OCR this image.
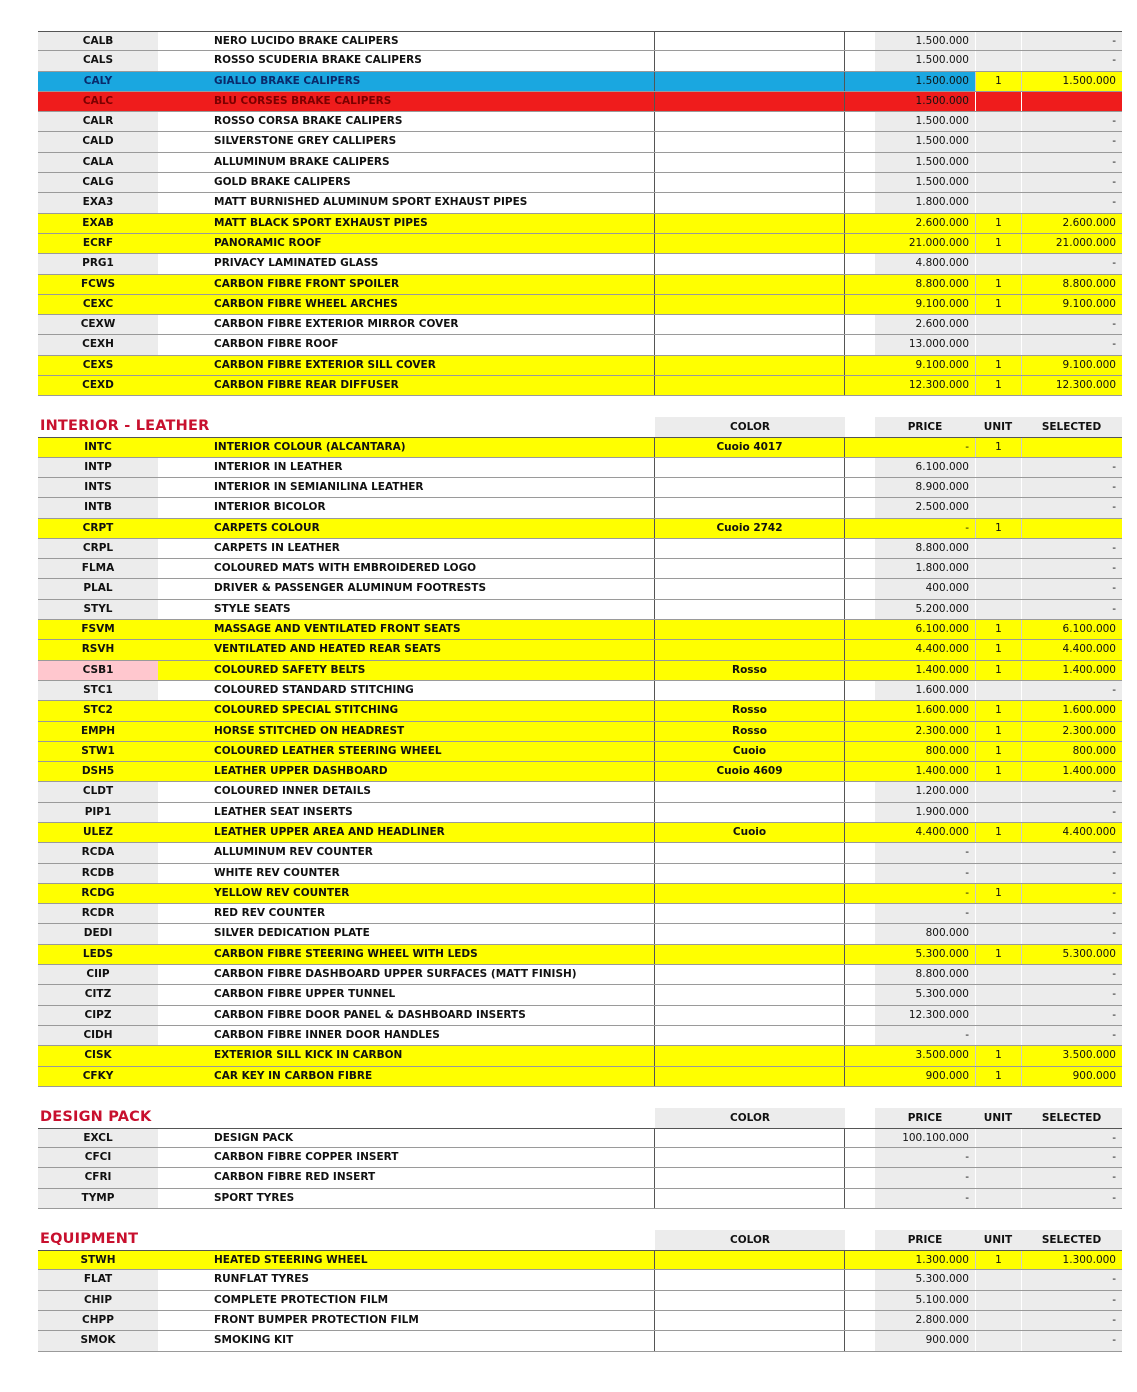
CALB	NERO LUCIDO BRAKE CALIPERS	1.500.000	-
CALS	ROSSO SCUDERIA BRAKE CALIPERS	1.500.000	-
CALY	GIALLO BRAKE CALIPERS	1.500.000	1	1.500.000
CALC	BLU CORSES BRAKE CALIPERS	1.500.000
CALR	ROSSO CORSA BRAKE CALIPERS	1.500.000	-
CALD	SILVERSTONE GREY CALLIPERS	1.500.000	-
CALA	ALLUMINUM BRAKE CALIPERS	1.500.000	-
CALG	GOLD BRAKE CALIPERS	1.500.000	-
EXA3	MATT BURNISHED ALUMINUM SPORT EXHAUST PIPES	1.800.000	-
EXAB	MATT BLACK SPORT EXHAUST PIPES	2.600.000	1	2.600.000
ECRF	PANORAMIC ROOF	21.000.000	1	21.000.000
PRG1	PRIVACY LAMINATED GLASS	4.800.000	-
FCWS	CARBON FIBRE FRONT SPOILER	8.800.000	1	8.800.000
CEXC	CARBON FIBRE WHEEL ARCHES	9.100.000	1	9.100.000
CEXW	CARBON FIBRE EXTERIOR MIRROR COVER	2.600.000	-
CEXH	CARBON FIBRE ROOF	13.000.000	-
CEXS	CARBON FIBRE EXTERIOR SILL COVER	9.100.000	1	9.100.000
CEXD	CARBON FIBRE REAR DIFFUSER	12.300.000	1	12.300.000
INTERIOR - LEATHER	COLOR	PRICE	UNIT	SELECTED
INTC	INTERIOR COLOUR (ALCANTARA)	Cuoio 4017	-	1
INTP	INTERIOR IN LEATHER	6.100.000	-
INTS	INTERIOR IN SEMIANILINA LEATHER	8.900.000	-
INTB	INTERIOR BICOLOR	2.500.000	-
CRPT	CARPETS COLOUR	Cuoio 2742	-	1
CRPL	CARPETS IN LEATHER	8.800.000	-
FLMA	COLOURED MATS WITH EMBROIDERED LOGO	1.800.000	-
PLAL	DRIVER & PASSENGER ALUMINUM FOOTRESTS	400.000	-
STYL	STYLE SEATS	5.200.000	-
FSVM	MASSAGE AND VENTILATED FRONT SEATS	6.100.000	1	6.100.000
RSVH	VENTILATED AND HEATED REAR SEATS	4.400.000	1	4.400.000
CSB1	COLOURED SAFETY BELTS	Rosso	1.400.000	1	1.400.000
STC1	COLOURED STANDARD STITCHING	1.600.000	-
STC2	COLOURED SPECIAL STITCHING	Rosso	1.600.000	1	1.600.000
EMPH	HORSE STITCHED ON HEADREST	Rosso	2.300.000	1	2.300.000
STW1	COLOURED LEATHER STEERING WHEEL	Cuoio	800.000	1	800.000
DSH5	LEATHER UPPER DASHBOARD	Cuoio 4609	1.400.000	1	1.400.000
CLDT	COLOURED INNER DETAILS	1.200.000	-
PIP1	LEATHER SEAT INSERTS	1.900.000	-
ULEZ	LEATHER UPPER AREA AND HEADLINER	Cuoio	4.400.000	1	4.400.000
RCDA	ALLUMINUM REV COUNTER	-	-
RCDB	WHITE REV COUNTER	-	-
RCDG	YELLOW REV COUNTER	-	1	-
RCDR	RED REV COUNTER	-	-
DEDI	SILVER DEDICATION PLATE	800.000	-
LEDS	CARBON FIBRE STEERING WHEEL WITH LEDS	5.300.000	1	5.300.000
CIIP	CARBON FIBRE DASHBOARD UPPER SURFACES (MATT FINISH)	8.800.000	-
CITZ	CARBON FIBRE UPPER TUNNEL	5.300.000	-
CIPZ	CARBON FIBRE DOOR PANEL & DASHBOARD INSERTS	12.300.000	-
CIDH	CARBON FIBRE INNER DOOR HANDLES	-	-
CISK	EXTERIOR SILL KICK IN CARBON	3.500.000	1	3.500.000
CFKY	CAR KEY IN CARBON FIBRE	900.000	1	900.000
DESIGN PACK	COLOR	PRICE	UNIT	SELECTED
EXCL	DESIGN PACK	100.100.000	-
CFCI	CARBON FIBRE COPPER INSERT	-	-
CFRI	CARBON FIBRE RED INSERT	-	-
TYMP	SPORT TYRES	-	-
EQUIPMENT	COLOR	PRICE	UNIT	SELECTED
STWH	HEATED STEERING WHEEL	1.300.000	1	1.300.000
FLAT	RUNFLAT TYRES	5.300.000	-
CHIP	COMPLETE PROTECTION FILM	5.100.000	-
CHPP	FRONT BUMPER PROTECTION FILM	2.800.000	-
SMOK	SMOKING KIT	900.000	-
